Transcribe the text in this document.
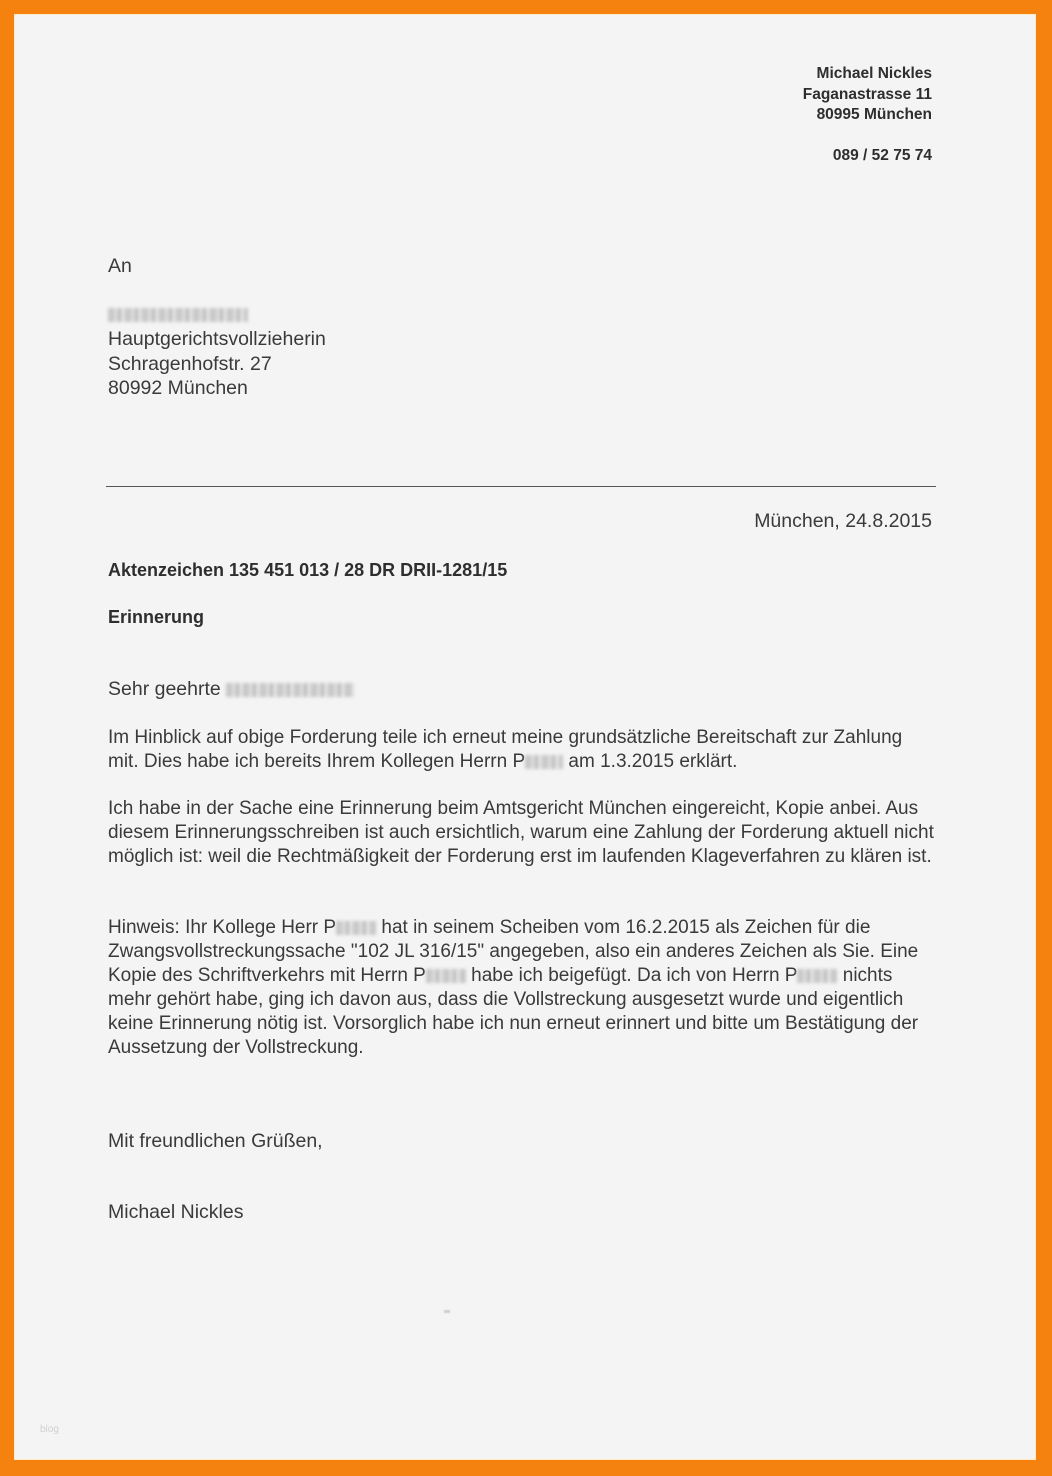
Michael Nickles
Faganastrasse 11
80995 München
089 / 52 75 74
An
Hauptgerichtsvollzieherin
Schragenhofstr. 27
80992 München
München, 24.8.2015
Aktenzeichen 135 451 013 / 28 DR DRII-1281/15
Erinnerung
Sehr geehrte
Im Hinblick auf obige Forderung teile ich erneut meine grundsätzliche Bereitschaft zur Zahlung mit. Dies habe ich bereits Ihrem Kollegen Herrn P am 1.3.2015 erklärt.
Ich habe in der Sache eine Erinnerung beim Amtsgericht München eingereicht, Kopie anbei. Aus diesem Erinnerungsschreiben ist auch ersichtlich, warum eine Zahlung der Forderung aktuell nicht möglich ist: weil die Rechtmäßigkeit der Forderung erst im laufenden Klageverfahren zu klären ist.
Hinweis: Ihr Kollege Herr P hat in seinem Scheiben vom 16.2.2015 als Zeichen für die Zwangsvollstreckungssache "102 JL 316/15" angegeben, also ein anderes Zeichen als Sie. Eine Kopie des Schriftverkehrs mit Herrn P habe ich beigefügt. Da ich von Herrn P nichts mehr gehört habe, ging ich davon aus, dass die Vollstreckung ausgesetzt wurde und eigentlich keine Erinnerung nötig ist. Vorsorglich habe ich nun erneut erinnert und bitte um Bestätigung der Aussetzung der Vollstreckung.
Mit freundlichen Grüßen,
Michael Nickles
blog
